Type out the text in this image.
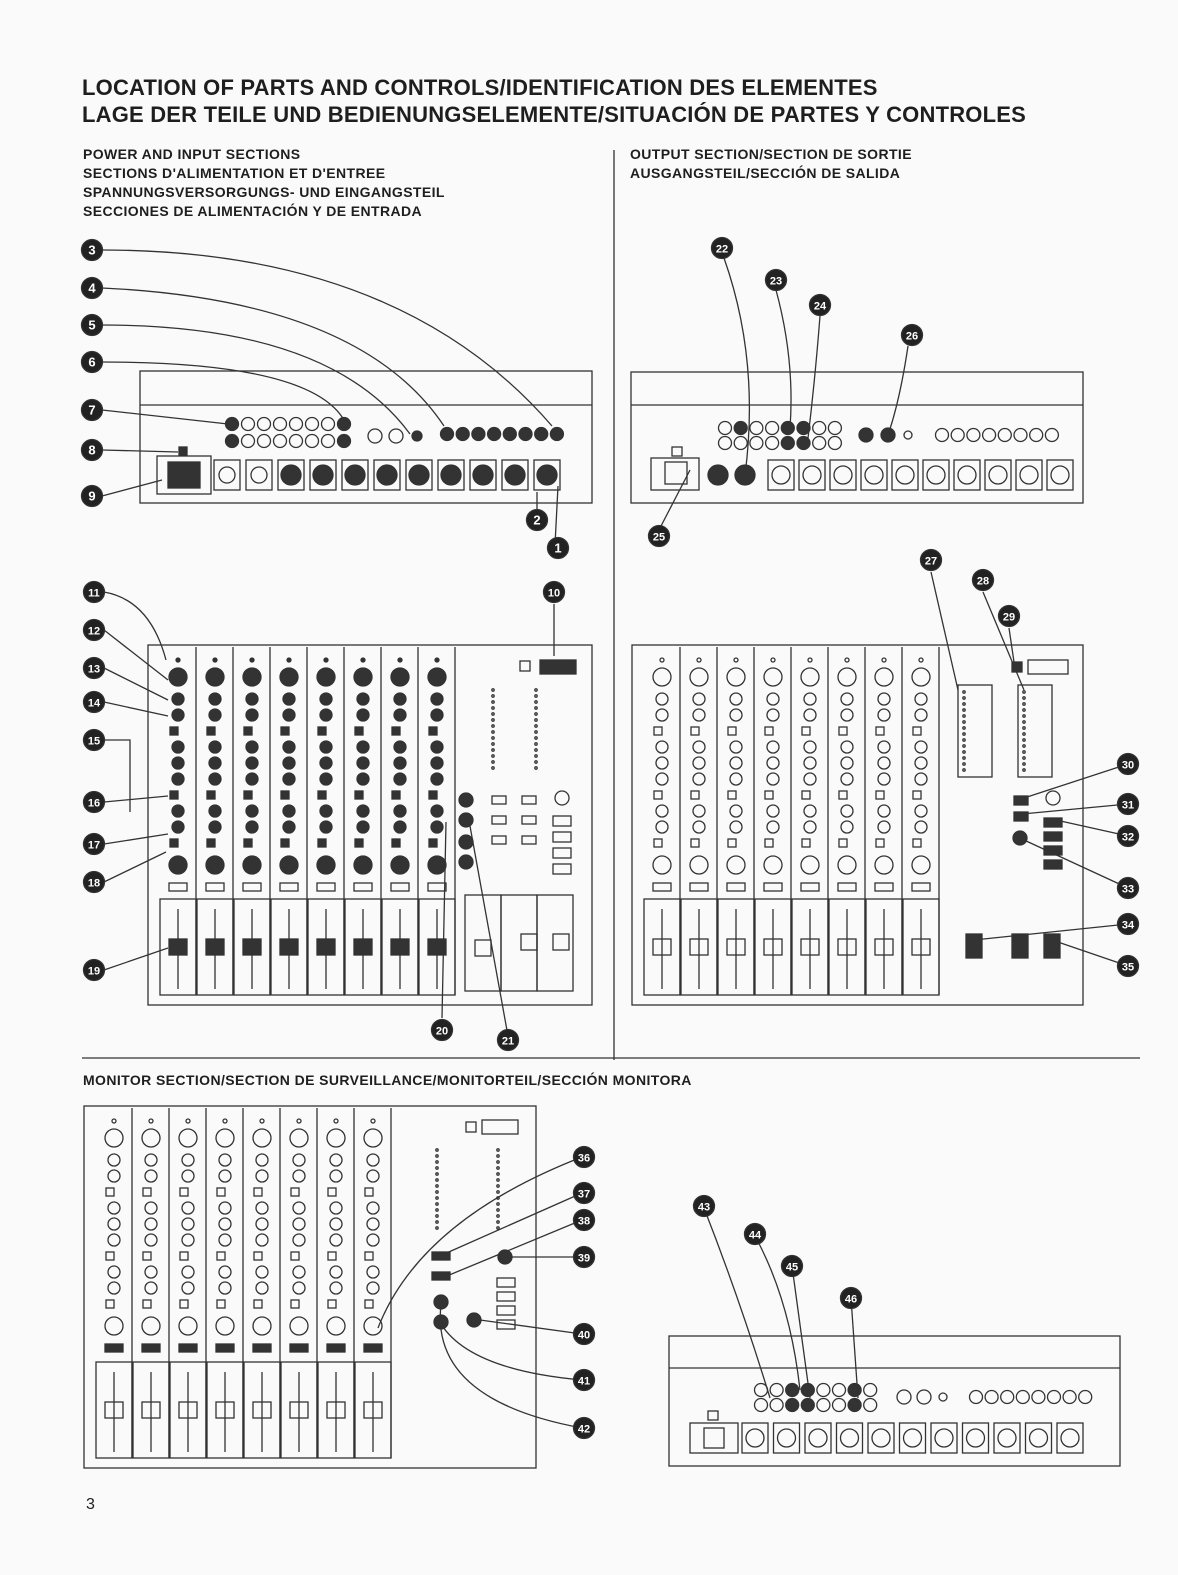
LOCATION OF PARTS AND CONTROLS/IDENTIFICATION DES ELEMENTES
LAGE DER TEILE UND BEDIENUNGSELEMENTE/SITUACIÓN DE PARTES Y CONTROLES
POWER AND INPUT SECTIONS
SECTIONS D'ALIMENTATION ET D'ENTREE
SPANNUNGSVERSORGUNGS- UND EINGANGSTEIL
SECCIONES DE ALIMENTACIÓN Y DE ENTRADA
OUTPUT SECTION/SECTION DE SORTIE
AUSGANGSTEIL/SECCIÓN DE SALIDA
MONITOR SECTION/SECTION DE SURVEILLANCE/MONITORTEIL/SECCIÓN MONITORA
1
2
3
4
5
6
7
8
9
10
11
12
13
14
15
16
17
18
19
20
21
22
23
24
25
26
27
28
29
30
31
32
33
34
35
36
37
38
39
40
41
42
43
44
45
46
3
